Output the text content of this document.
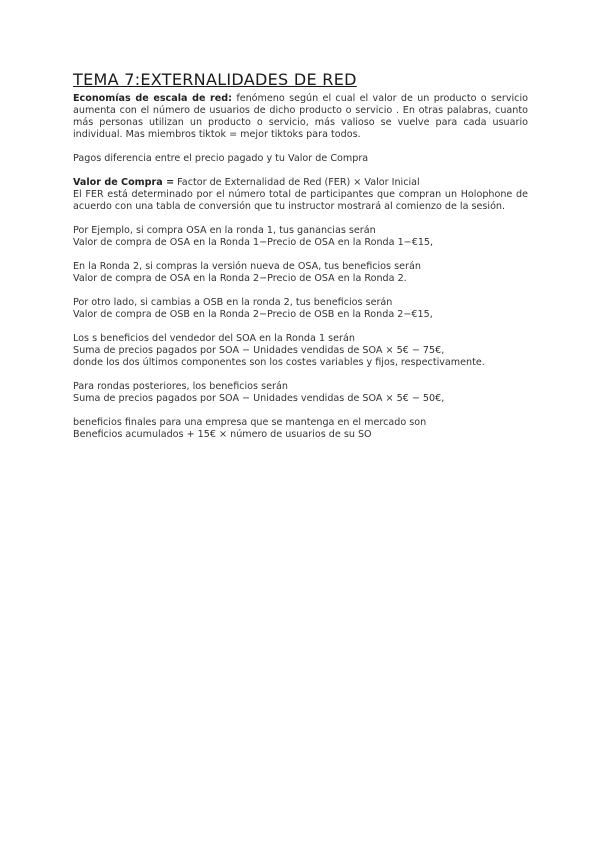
TEMA 7:EXTERNALIDADES DE RED

Economías de escala de red: fenómeno según el cual el valor de un producto o servicio aumenta con el número de usuarios de dicho producto o servicio . En otras palabras, cuanto más personas utilizan un producto o servicio, más valioso se vuelve para cada usuario individual. Mas miembros tiktok = mejor tiktoks para todos.

Pagos diferencia entre el precio pagado y tu Valor de Compra

Valor de Compra = Factor de Externalidad de Red (FER) × Valor Inicial

El FER está determinado por el número total de participantes que compran un Holophone de acuerdo con una tabla de conversión que tu instructor mostrará al comienzo de la sesión.

Por Ejemplo, si compra OSA en la ronda 1, tus ganancias serán

Valor de compra de OSA en la Ronda 1−Precio de OSA en la Ronda 1−€15,

En la Ronda 2, si compras la versión nueva de OSA, tus beneficios serán

Valor de compra de OSA en la Ronda 2−Precio de OSA en la Ronda 2.

Por otro lado, si cambias a OSB en la ronda 2, tus beneficios serán

Valor de compra de OSB en la Ronda 2−Precio de OSB en la Ronda 2−€15,

Los s beneficios del vendedor del SOA en la Ronda 1 serán

Suma de precios pagados por SOA − Unidades vendidas de SOA × 5€ − 75€,

donde los dos últimos componentes son los costes variables y fijos, respectivamente.

Para rondas posteriores, los beneficios serán

Suma de precios pagados por SOA − Unidades vendidas de SOA × 5€ − 50€,

beneficios finales para una empresa que se mantenga en el mercado son

Beneficios acumulados + 15€ × número de usuarios de su SO
